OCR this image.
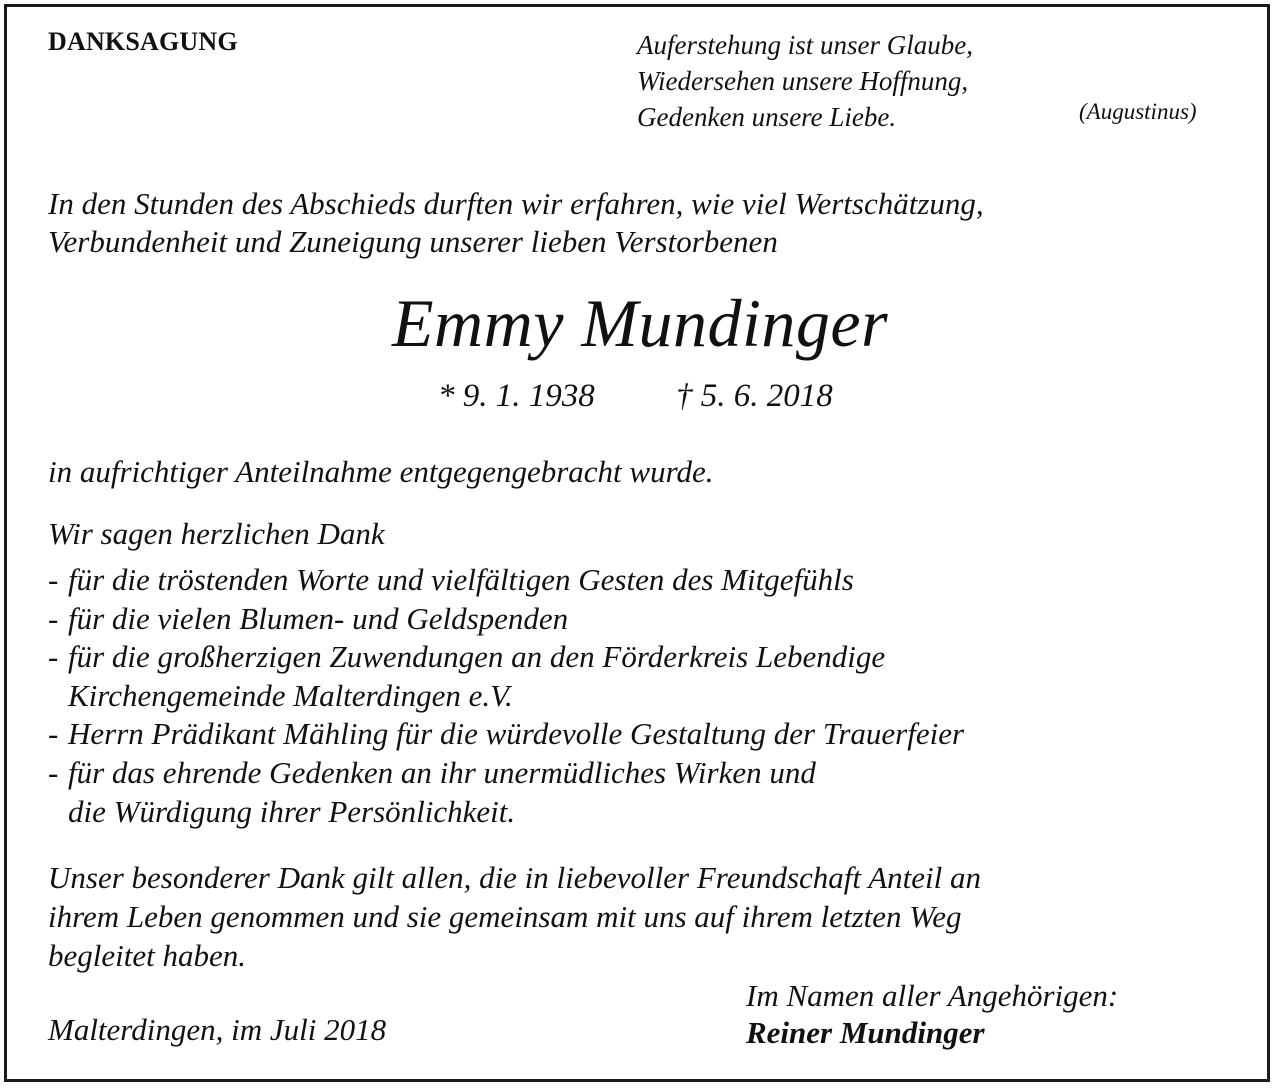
DANKSAGUNG	Auferstehung ist unser Glaube,
Wiedersehen unsere Hoffnung,
Gedenken unsere Liebe.	(Augustinus)
In den Stunden des Abschieds durften wir erfahren, wie viel Wertschätzung,
Verbundenheit und Zuneigung unserer lieben Verstorbenen
Emmy Mundinger
* 9. 1. 1938 † 5. 6. 2018
in aufrichtiger Anteilnahme entgegengebracht wurde.
Wir sagen herzlichen Dank
- für die tröstenden Worte und vielfältigen Gesten des Mitgefühls
- für die vielen Blumen- und Geldspenden
- für die großherzigen Zuwendungen an den Förderkreis Lebendige
Kirchengemeinde Malterdingen e.V.
- Herrn Prädikant Mähling für die würdevolle Gestaltung der Trauerfeier
- für das ehrende Gedenken an ihr unermüdliches Wirken und
die Würdigung ihrer Persönlichkeit.
Unser besonderer Dank gilt allen, die in liebevoller Freundschaft Anteil an
ihrem Leben genommen und sie gemeinsam mit uns auf ihrem letzten Weg
begleitet haben.
Malterdingen, im Juli 2018
Im Namen aller Angehörigen:
Reiner Mundinger
